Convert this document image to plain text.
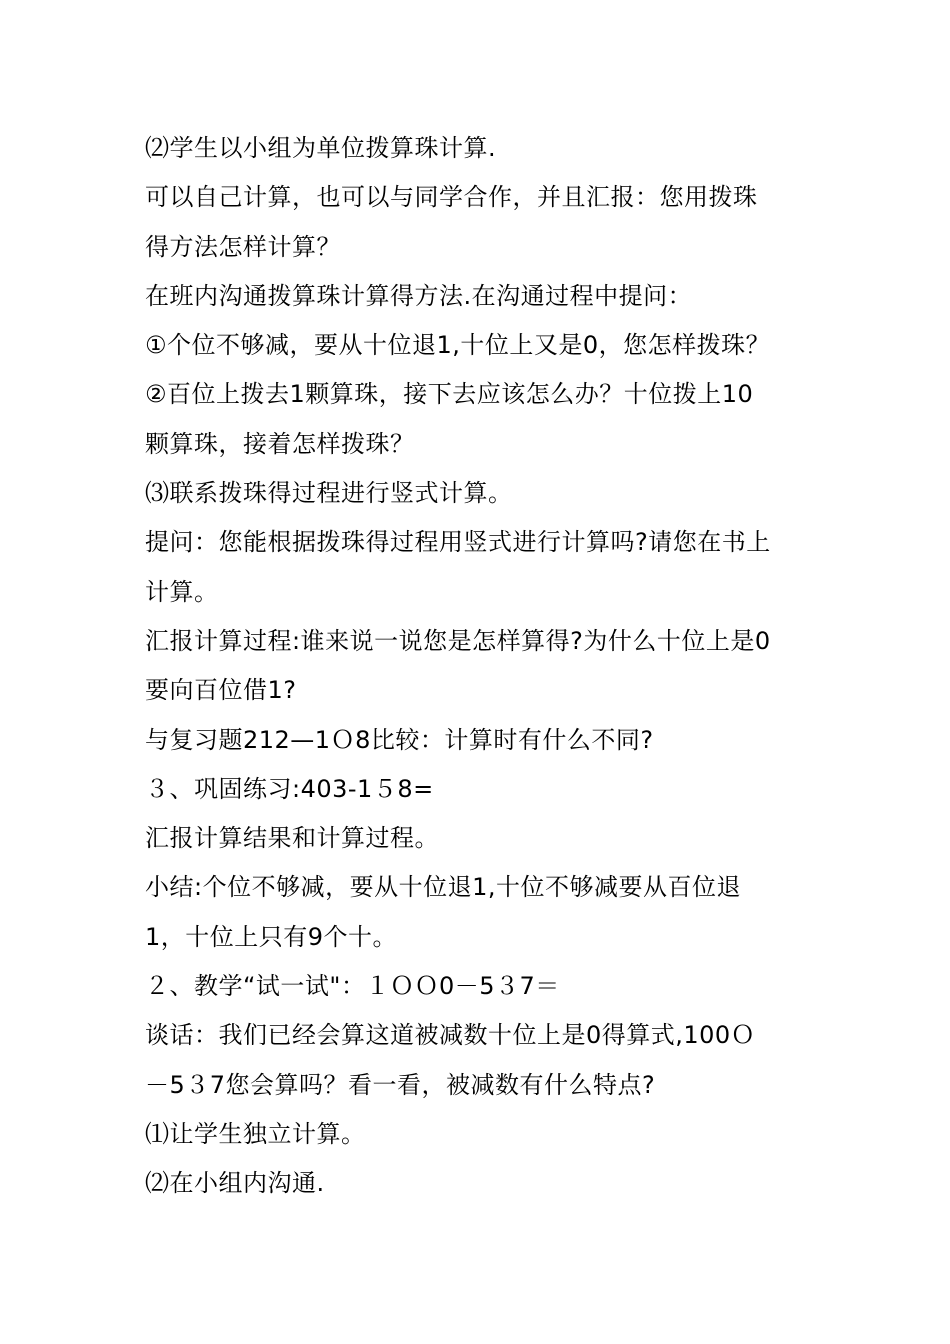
⑵学生以小组为单位拨算珠计算.
可以自己计算，也可以与同学合作，并且汇报：您用拨珠
得方法怎样计算？
在班内沟通拨算珠计算得方法.在沟通过程中提问：
①个位不够减，要从十位退1,十位上又是0，您怎样拨珠？
②百位上拨去1颗算珠，接下去应该怎么办？十位拨上10
颗算珠，接着怎样拨珠？
⑶联系拨珠得过程进行竖式计算。
提问：您能根据拨珠得过程用竖式进行计算吗?请您在书上
计算。
汇报计算过程:谁来说一说您是怎样算得?为什么十位上是0
要向百位借1?
与复习题212—1Ｏ8比较：计算时有什么不同?
３、巩固练习:403-1５8=
汇报计算结果和计算过程。
小结:个位不够减，要从十位退1,十位不够减要从百位退
1，十位上只有9个十。
２、教学“试一试"：１ＯＯ0－5３7＝
谈话：我们已经会算这道被减数十位上是0得算式,100Ｏ
－5３7您会算吗？看一看，被减数有什么特点?
⑴让学生独立计算。
⑵在小组内沟通.
